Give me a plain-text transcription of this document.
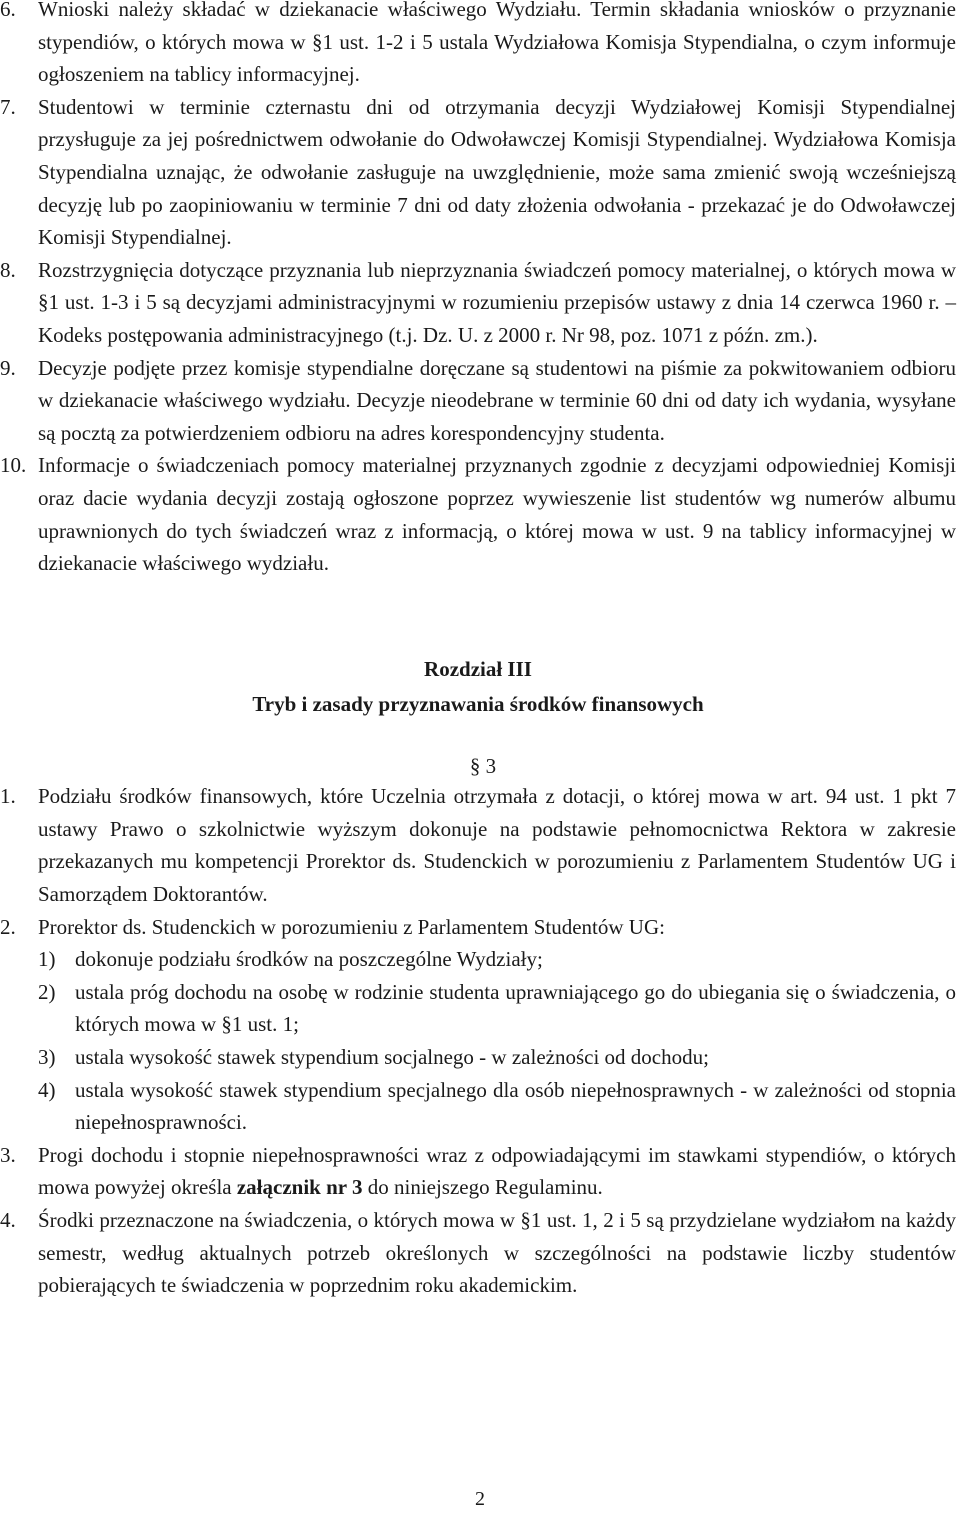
6.	Wnioski należy składać w dziekanacie właściwego Wydziału. Termin składania wniosków o przyznanie stypendiów, o których mowa w §1 ust. 1-2 i 5 ustala Wydziałowa Komisja Stypendialna, o czym informuje ogłoszeniem na tablicy informacyjnej.
7.	Studentowi w terminie czternastu dni od otrzymania decyzji Wydziałowej Komisji Stypendialnej przysługuje za jej pośrednictwem odwołanie do Odwoławczej Komisji Stypendialnej. Wydziałowa Komisja Stypendialna uznając, że odwołanie zasługuje na uwzględnienie, może sama zmienić swoją wcześniejszą decyzję lub po zaopiniowaniu w terminie 7 dni od daty złożenia odwołania - przekazać je do Odwoławczej Komisji Stypendialnej.
8.	Rozstrzygnięcia dotyczące przyznania lub nieprzyznania świadczeń pomocy materialnej, o których mowa w §1 ust. 1-3 i 5 są decyzjami administracyjnymi w rozumieniu przepisów ustawy z dnia 14 czerwca 1960 r. – Kodeks postępowania administracyjnego (t.j. Dz. U. z 2000 r. Nr 98, poz. 1071 z późn. zm.).
9.	Decyzje podjęte przez komisje stypendialne doręczane są studentowi na piśmie za pokwitowaniem odbioru w dziekanacie właściwego wydziału. Decyzje nieodebrane w terminie 60 dni od daty ich wydania, wysyłane są pocztą za potwierdzeniem odbioru na adres korespondencyjny studenta.
10. Informacje o świadczeniach pomocy materialnej przyznanych zgodnie z decyzjami odpowiedniej Komisji oraz dacie wydania decyzji zostają ogłoszone poprzez wywieszenie list studentów wg numerów albumu uprawnionych do tych świadczeń wraz z informacją, o której mowa w ust. 9 na tablicy informacyjnej w dziekanacie właściwego wydziału.
Rozdział III
Tryb i zasady przyznawania środków finansowych
§ 3
1.	Podziału środków finansowych, które Uczelnia otrzymała z dotacji, o której mowa w art. 94 ust. 1 pkt 7 ustawy Prawo o szkolnictwie wyższym dokonuje na podstawie pełnomocnictwa Rektora w zakresie przekazanych mu kompetencji Prorektor ds. Studenckich w porozumieniu z Parlamentem Studentów UG i Samorządem Doktorantów.
2.	Prorektor ds. Studenckich w porozumieniu z Parlamentem Studentów UG:
1) dokonuje podziału środków na poszczególne Wydziały;
2) ustala próg dochodu na osobę w rodzinie studenta uprawniającego go do ubiegania się o świadczenia, o których mowa w §1 ust. 1;
3) ustala wysokość stawek stypendium socjalnego - w zależności od dochodu;
4) ustala wysokość stawek stypendium specjalnego dla osób niepełnosprawnych - w zależności od stopnia niepełnosprawności.
3.	Progi dochodu i stopnie niepełnosprawności wraz z odpowiadającymi im stawkami stypendiów, o których mowa powyżej określa załącznik nr 3 do niniejszego Regulaminu.
4.	Środki przeznaczone na świadczenia, o których mowa w §1 ust. 1, 2 i 5 są przydzielane wydziałom na każdy semestr, według aktualnych potrzeb określonych w szczególności na podstawie liczby studentów pobierających te świadczenia w poprzednim roku akademickim.
2
